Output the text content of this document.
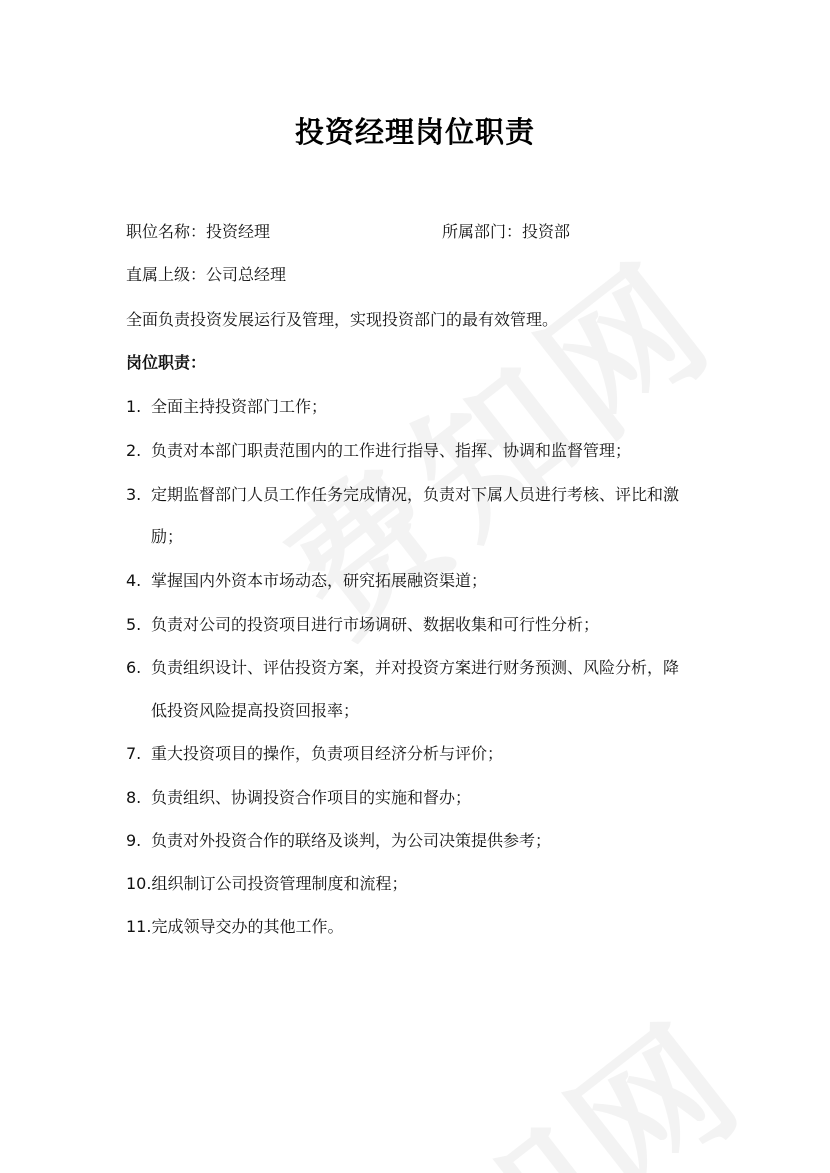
投资经理岗位职责
职位名称：投资经理	所属部门：投资部
直属上级：公司总经理
全面负责投资发展运行及管理，实现投资部门的最有效管理。
岗位职责：
1. 全面主持投资部门工作；
2. 负责对本部门职责范围内的工作进行指导、指挥、协调和监督管理；
3. 定期监督部门人员工作任务完成情况，负责对下属人员进行考核、评比和激
励；
4. 掌握国内外资本市场动态，研究拓展融资渠道；
5. 负责对公司的投资项目进行市场调研、数据收集和可行性分析；
6. 负责组织设计、评估投资方案，并对投资方案进行财务预测、风险分析，降
低投资风险提高投资回报率；
7. 重大投资项目的操作，负责项目经济分析与评价；
8. 负责组织、协调投资合作项目的实施和督办；
9. 负责对外投资合作的联络及谈判，为公司决策提供参考；
10.组织制订公司投资管理制度和流程；
11.完成领导交办的其他工作。
